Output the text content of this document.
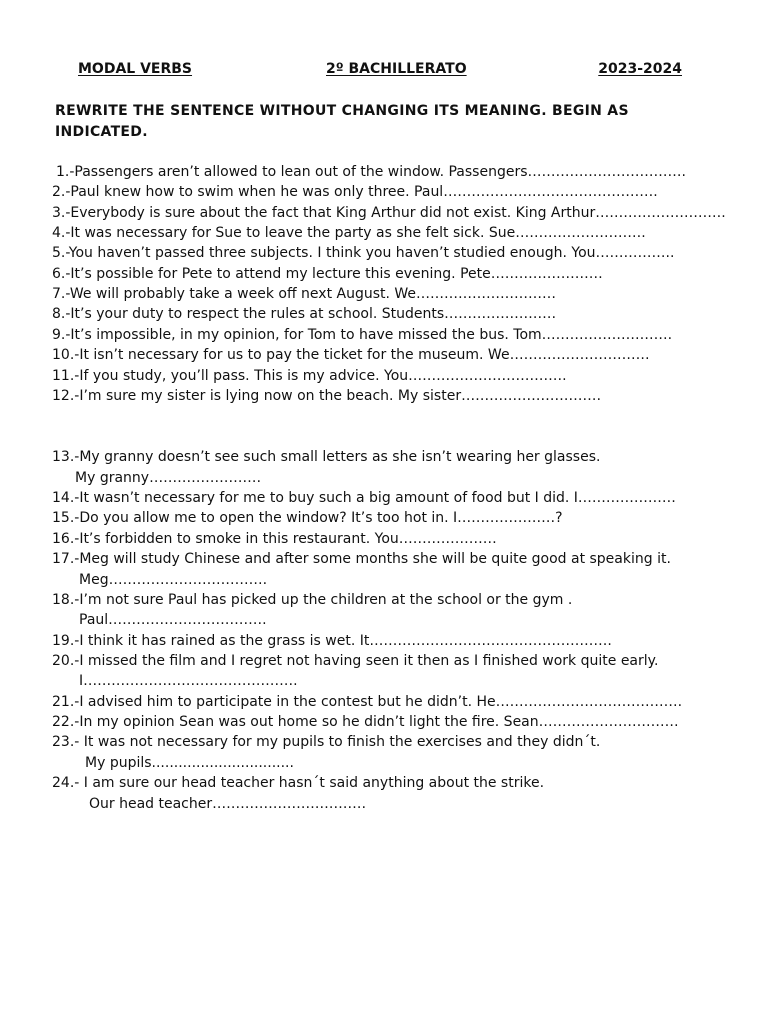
MODAL VERBS	2º BACHILLERATO	2023-2024
REWRITE THE SENTENCE WITHOUT CHANGING ITS MEANING. BEGIN AS INDICATED.
1.-Passengers aren’t allowed to lean out of the window. Passengers…………………………….
2.-Paul knew how to swim when he was only three. Paul……………………………………….
3.-Everybody is sure about the fact that King Arthur did not exist. King Arthur……………………….
4.-It was necessary for Sue to leave the party as she felt sick. Sue……………………….
5.-You haven’t passed three subjects. I think you haven’t studied enough. You……………..
6.-It’s possible for Pete to attend my lecture this evening. Pete……………………
7.-We will probably take a week off next August. We…………………………
8.-It’s your duty to respect the rules at school. Students……………………
9.-It’s impossible, in my opinion, for Tom to have missed the bus. Tom……………………….
10.-It isn’t necessary for us to pay the ticket for the museum. We…………………………
11.-If you study, you’ll pass. This is my advice. You…………………………….
12.-I’m sure my sister is lying now on the beach. My sister…………………………
13.-My granny doesn’t see such small letters as she isn’t wearing her glasses.
My granny……………………
14.-It wasn’t necessary for me to buy such a big amount of food but I did. I…………………
15.-Do you allow me to open the window? It’s too hot in. I…………………?
16.-It’s forbidden to smoke in this restaurant. You…………………
17.-Meg will study Chinese and after some months she will be quite good at speaking it.
Meg…………………………….
18.-I’m not sure Paul has picked up the children at the school or the gym .
Paul…………………………….
19.-I think it has rained as the grass is wet. It…………………………………………….
20.-I missed the film and I regret not having seen it then as I finished work quite early.
I……………………………………….
21.-I advised him to participate in the contest but he didn’t. He………………………………….
22.-In my opinion Sean was out home so he didn’t light the fire. Sean…………………………
23.- It was not necessary for my pupils to finish the exercises and they didn´t.
My pupils................................
24.- I am sure our head teacher hasn´t said anything about the strike.
Our head teacher……………………………
